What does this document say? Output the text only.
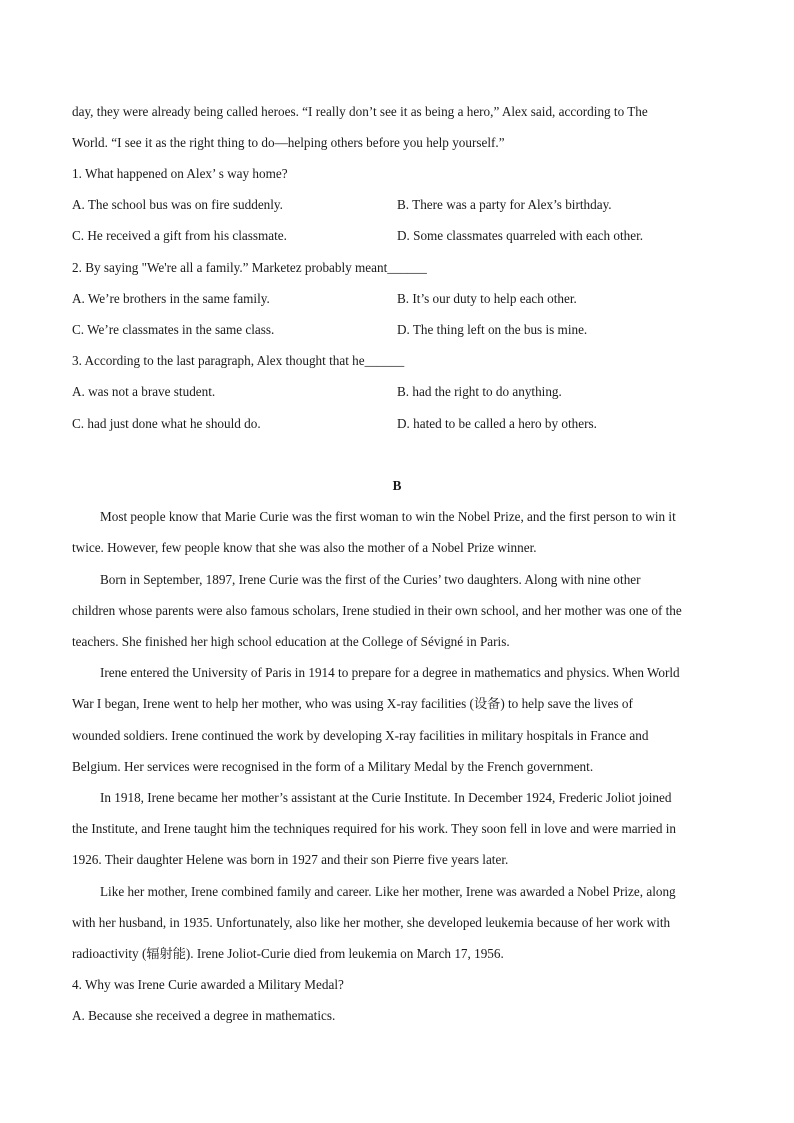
day, they were already being called heroes. “I really don’t see it as being a hero,” Alex said, according to The
World. “I see it as the right thing to do—helping others before you help yourself.”
1. What happened on Alex’ s way home?
A. The school bus was on fire suddenly.	B. There was a party for Alex’s birthday.
C. He received a gift from his classmate.	D. Some classmates quarreled with each other.
2. By saying "We're all a family.” Marketez probably meant______
A. We’re brothers in the same family.	B. It’s our duty to help each other.
C. We’re classmates in the same class.	D. The thing left on the bus is mine.
3. According to the last paragraph, Alex thought that he______
A. was not a brave student.	B. had the right to do anything.
C. had just done what he should do.	D. hated to be called a hero by others.
B
Most people know that Marie Curie was the first woman to win the Nobel Prize, and the first person to win it
twice. However, few people know that she was also the mother of a Nobel Prize winner.
Born in September, 1897, Irene Curie was the first of the Curies’ two daughters. Along with nine other
children whose parents were also famous scholars, Irene studied in their own school, and her mother was one of the
teachers. She finished her high school education at the College of Sévigné in Paris.
Irene entered the University of Paris in 1914 to prepare for a degree in mathematics and physics. When World
War I began, Irene went to help her mother, who was using X-ray facilities (设备) to help save the lives of
wounded soldiers. Irene continued the work by developing X-ray facilities in military hospitals in France and
Belgium. Her services were recognised in the form of a Military Medal by the French government.
In 1918, Irene became her mother’s assistant at the Curie Institute. In December 1924, Frederic Joliot joined
the Institute, and Irene taught him the techniques required for his work. They soon fell in love and were married in
1926. Their daughter Helene was born in 1927 and their son Pierre five years later.
Like her mother, Irene combined family and career. Like her mother, Irene was awarded a Nobel Prize, along
with her husband, in 1935. Unfortunately, also like her mother, she developed leukemia because of her work with
radioactivity (辐射能). Irene Joliot-Curie died from leukemia on March 17, 1956.
4. Why was Irene Curie awarded a Military Medal?
A. Because she received a degree in mathematics.
